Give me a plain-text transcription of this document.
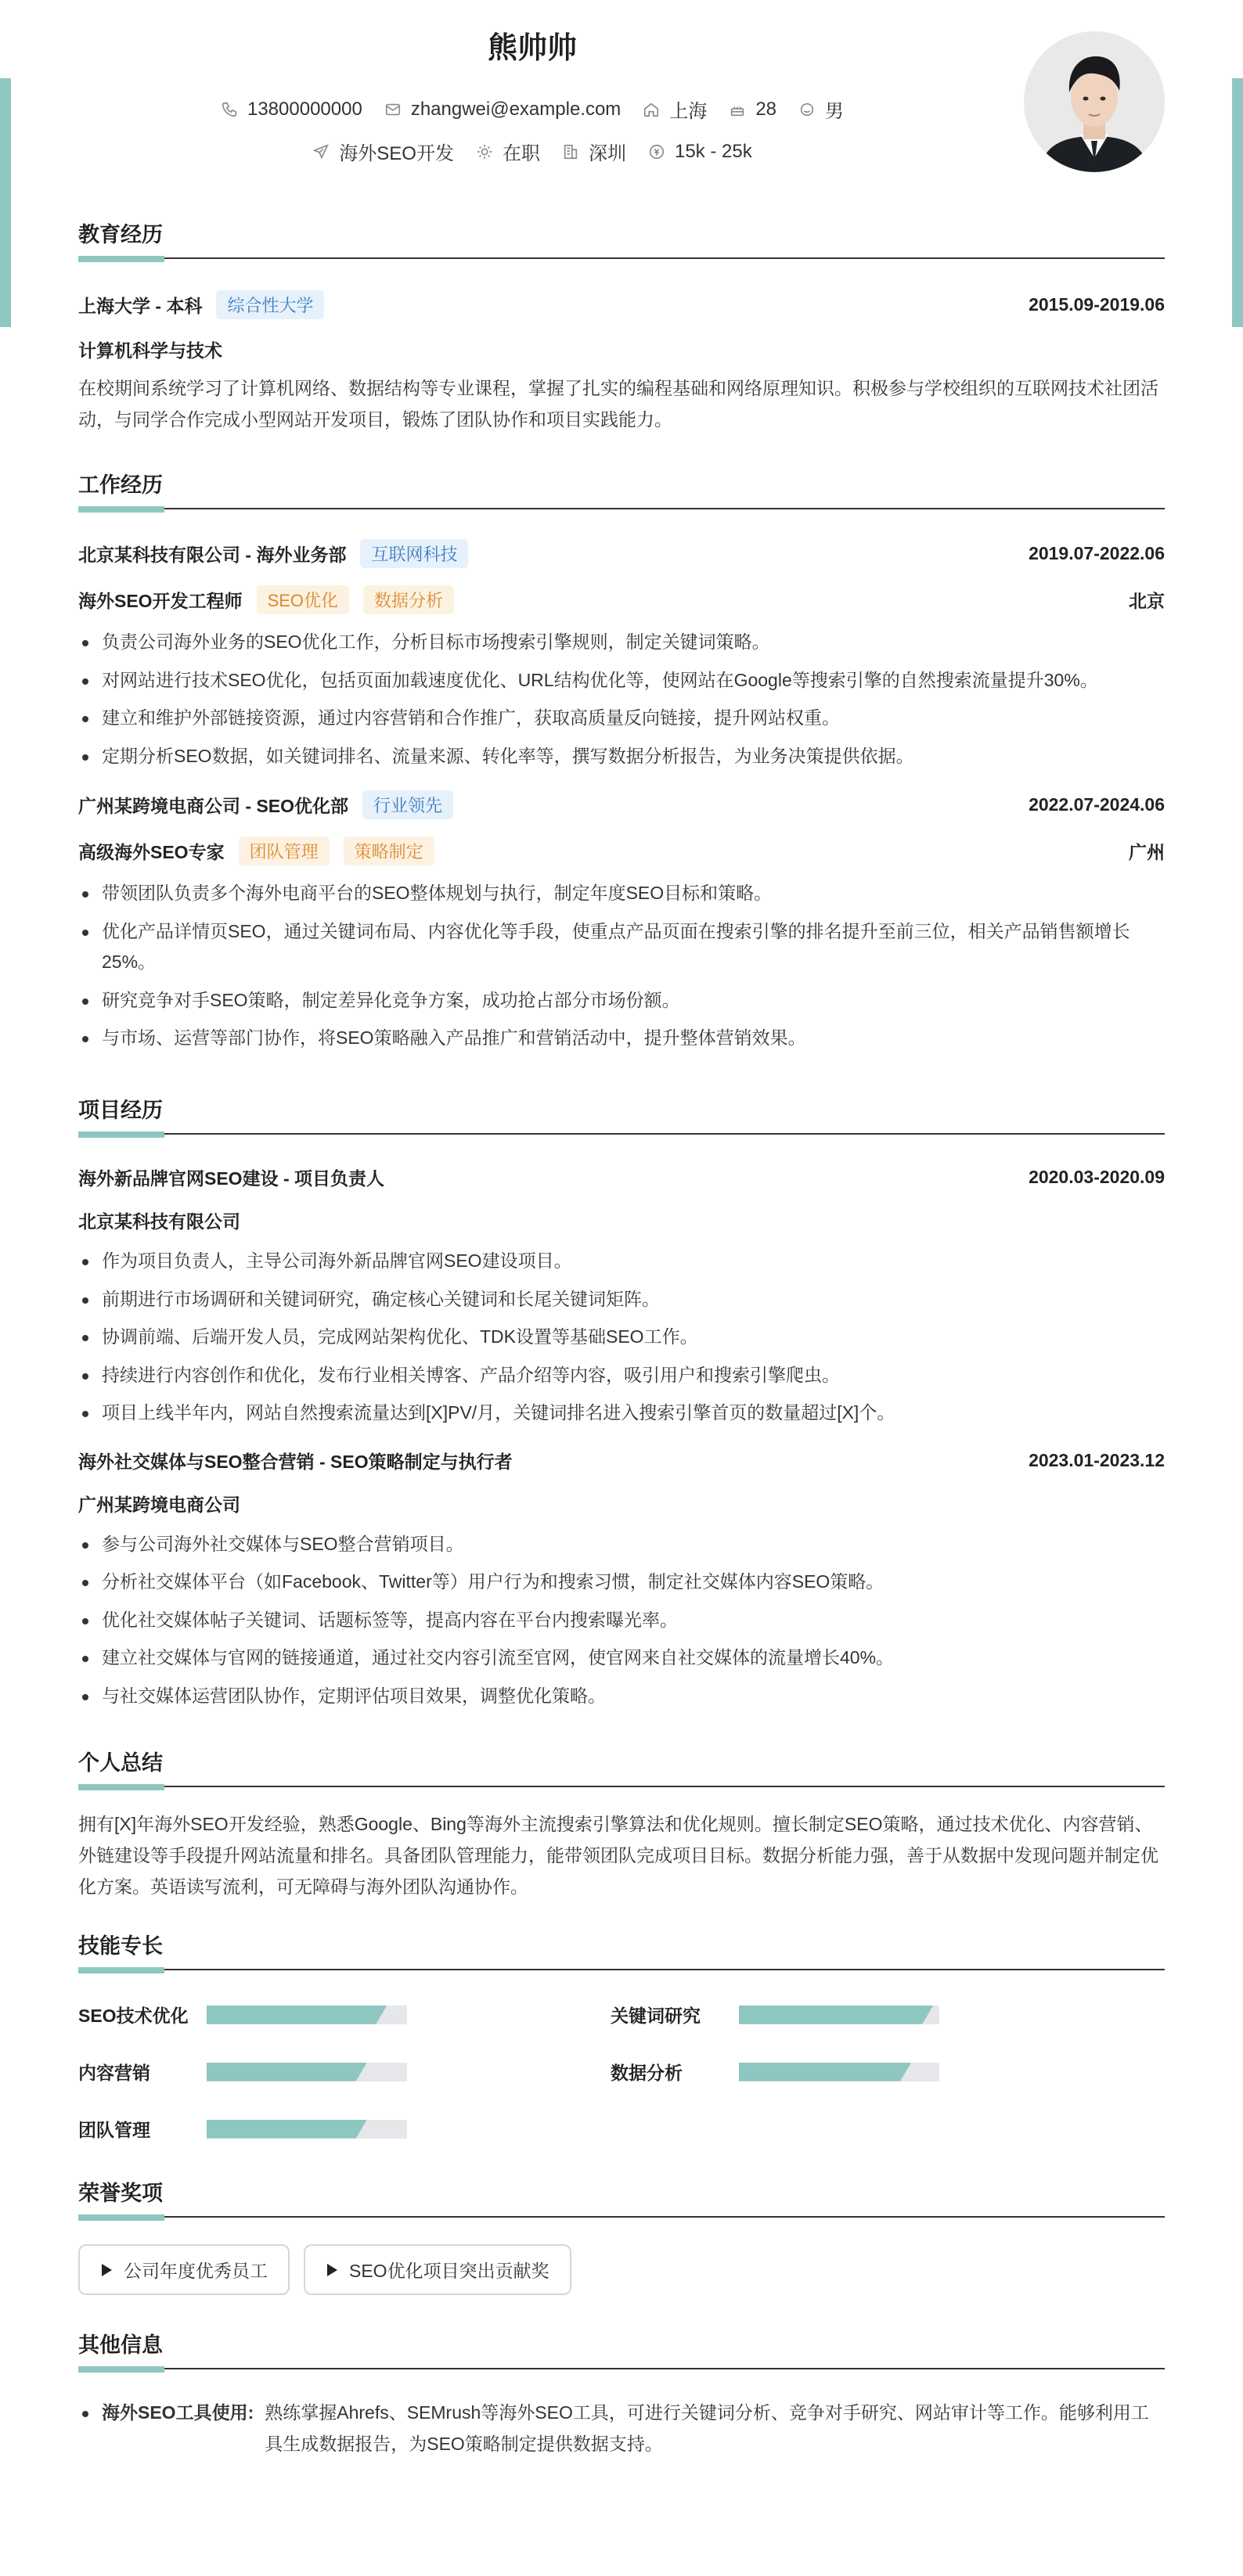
熊帅帅
13800000000	zhangwei@example.com	上海	28	男
海外SEO开发	在职	深圳	15k - 25k
教育经历
上海大学 - 本科	综合性大学	2015.09-2019.06
计算机科学与技术
在校期间系统学习了计算机网络、数据结构等专业课程，掌握了扎实的编程基础和网络原理知识。积极参与学校组织的互联网技术社团活动，与同学合作完成小型网站开发项目，锻炼了团队协作和项目实践能力。
工作经历
北京某科技有限公司 - 海外业务部	互联网科技	2019.07-2022.06
海外SEO开发工程师	SEO优化	数据分析	北京
负责公司海外业务的SEO优化工作，分析目标市场搜索引擎规则，制定关键词策略。
对网站进行技术SEO优化，包括页面加载速度优化、URL结构优化等，使网站在Google等搜索引擎的自然搜索流量提升30%。
建立和维护外部链接资源，通过内容营销和合作推广，获取高质量反向链接，提升网站权重。
定期分析SEO数据，如关键词排名、流量来源、转化率等，撰写数据分析报告，为业务决策提供依据。
广州某跨境电商公司 - SEO优化部	行业领先	2022.07-2024.06
高级海外SEO专家	团队管理	策略制定	广州
带领团队负责多个海外电商平台的SEO整体规划与执行，制定年度SEO目标和策略。
优化产品详情页SEO，通过关键词布局、内容优化等手段，使重点产品页面在搜索引擎的排名提升至前三位，相关产品销售额增长25%。
研究竞争对手SEO策略，制定差异化竞争方案，成功抢占部分市场份额。
与市场、运营等部门协作，将SEO策略融入产品推广和营销活动中，提升整体营销效果。
项目经历
海外新品牌官网SEO建设 - 项目负责人	2020.03-2020.09
北京某科技有限公司
作为项目负责人，主导公司海外新品牌官网SEO建设项目。
前期进行市场调研和关键词研究，确定核心关键词和长尾关键词矩阵。
协调前端、后端开发人员，完成网站架构优化、TDK设置等基础SEO工作。
持续进行内容创作和优化，发布行业相关博客、产品介绍等内容，吸引用户和搜索引擎爬虫。
项目上线半年内，网站自然搜索流量达到[X]PV/月，关键词排名进入搜索引擎首页的数量超过[X]个。
海外社交媒体与SEO整合营销 - SEO策略制定与执行者	2023.01-2023.12
广州某跨境电商公司
参与公司海外社交媒体与SEO整合营销项目。
分析社交媒体平台（如Facebook、Twitter等）用户行为和搜索习惯，制定社交媒体内容SEO策略。
优化社交媒体帖子关键词、话题标签等，提高内容在平台内搜索曝光率。
建立社交媒体与官网的链接通道，通过社交内容引流至官网，使官网来自社交媒体的流量增长40%。
与社交媒体运营团队协作，定期评估项目效果，调整优化策略。
个人总结
拥有[X]年海外SEO开发经验，熟悉Google、Bing等海外主流搜索引擎算法和优化规则。擅长制定SEO策略，通过技术优化、内容营销、外链建设等手段提升网站流量和排名。具备团队管理能力，能带领团队完成项目目标。数据分析能力强，善于从数据中发现问题并制定优化方案。英语读写流利，可无障碍与海外团队沟通协作。
技能专长
SEO技术优化	关键词研究
内容营销	数据分析
团队管理
荣誉奖项
公司年度优秀员工	SEO优化项目突出贡献奖
其他信息
海外SEO工具使用: 熟练掌握Ahrefs、SEMrush等海外SEO工具，可进行关键词分析、竞争对手研究、网站审计等工作。能够利用工具生成数据报告，为SEO策略制定提供数据支持。
